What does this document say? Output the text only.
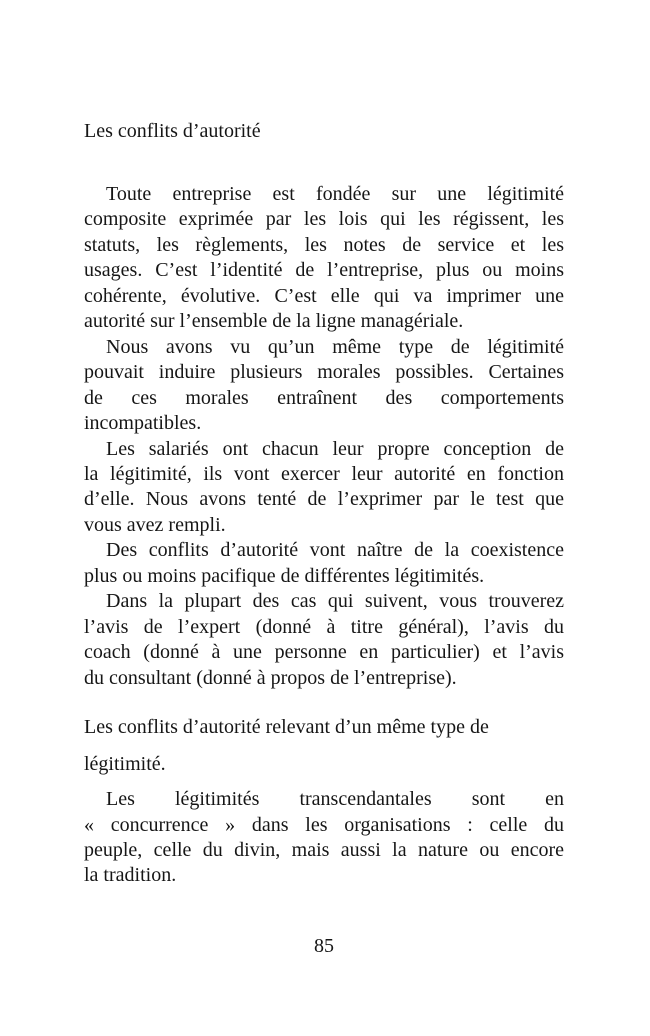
Les conflits d’autorité
Toute entreprise est fondée sur une légitimité
composite exprimée par les lois qui les régissent, les
statuts, les règlements, les notes de service et les
usages. C’est l’identité de l’entreprise, plus ou moins
cohérente, évolutive. C’est elle qui va imprimer une
autorité sur l’ensemble de la ligne managériale.
Nous avons vu qu’un même type de légitimité
pouvait induire plusieurs morales possibles. Certaines
de ces morales entraînent des comportements
incompatibles.
Les salariés ont chacun leur propre conception de
la légitimité, ils vont exercer leur autorité en fonction
d’elle. Nous avons tenté de l’exprimer par le test que
vous avez rempli.
Des conflits d’autorité vont naître de la coexistence
plus ou moins pacifique de différentes légitimités.
Dans la plupart des cas qui suivent, vous trouverez
l’avis de l’expert (donné à titre général), l’avis du
coach (donné à une personne en particulier) et l’avis
du consultant (donné à propos de l’entreprise).
Les conflits d’autorité relevant d’un même type de
légitimité.
Les légitimités transcendantales sont en
« concurrence » dans les organisations : celle du
peuple, celle du divin, mais aussi la nature ou encore
la tradition.
85
